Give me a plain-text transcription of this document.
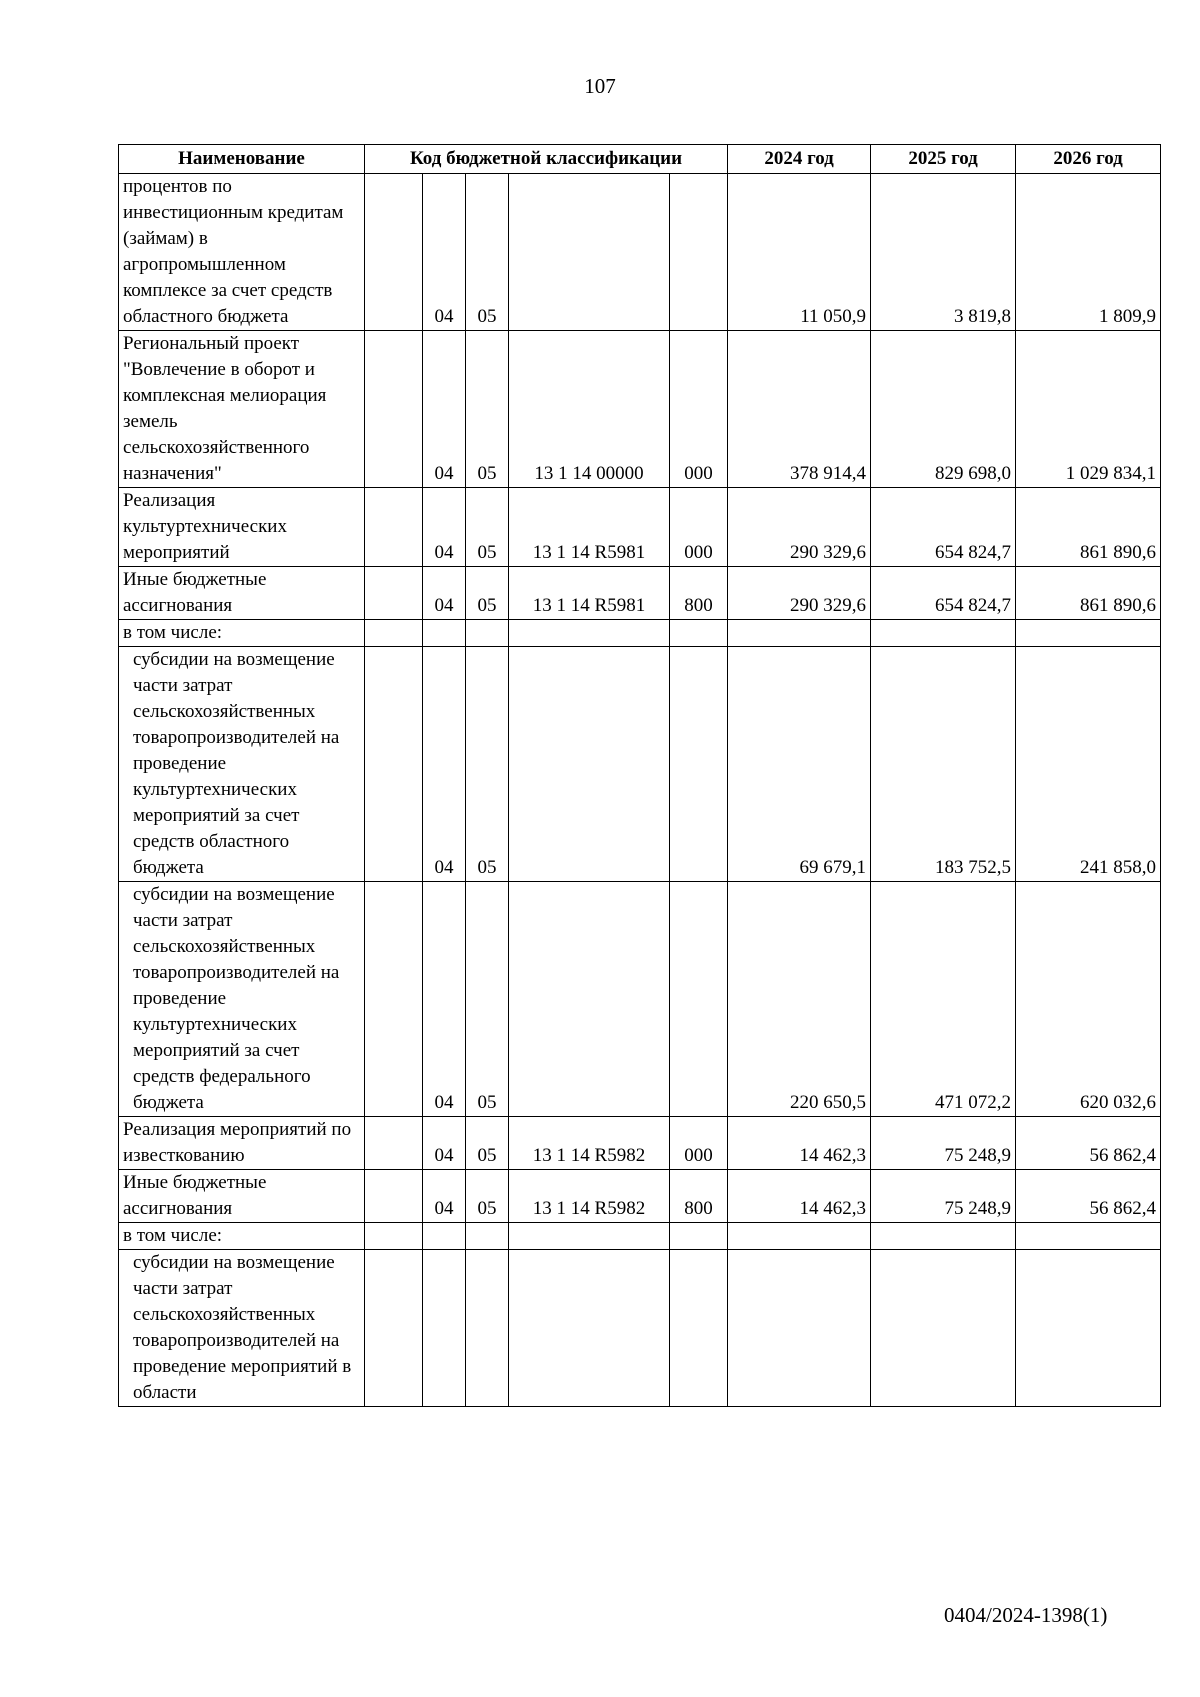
107
Наименование	Код бюджетной классификации					2024 год	2025 год	2026 год
процентов по инвестиционным кредитам (займам) в агропромышленном комплексе за счет средств областного бюджета		04	05			11 050,9	3 819,8	1 809,9
Региональный проект "Вовлечение в оборот и комплексная мелиорация земель сельскохозяйственного назначения"		04	05	13 1 14 00000	000	378 914,4	829 698,0	1 029 834,1
Реализация культуртехнических мероприятий		04	05	13 1 14 R5981	000	290 329,6	654 824,7	861 890,6
Иные бюджетные ассигнования		04	05	13 1 14 R5981	800	290 329,6	654 824,7	861 890,6
в том числе:								
субсидии на возмещение части затрат сельскохозяйственных товаропроизводителей на проведение культуртехнических мероприятий за счет средств областного бюджета		04	05			69 679,1	183 752,5	241 858,0
субсидии на возмещение части затрат сельскохозяйственных товаропроизводителей на проведение культуртехнических мероприятий за счет средств федерального бюджета		04	05			220 650,5	471 072,2	620 032,6
Реализация мероприятий по известкованию		04	05	13 1 14 R5982	000	14 462,3	75 248,9	56 862,4
Иные бюджетные ассигнования		04	05	13 1 14 R5982	800	14 462,3	75 248,9	56 862,4
в том числе:								
субсидии на возмещение части затрат сельскохозяйственных товаропроизводителей на проведение мероприятий в области								
0404/2024-1398(1)
